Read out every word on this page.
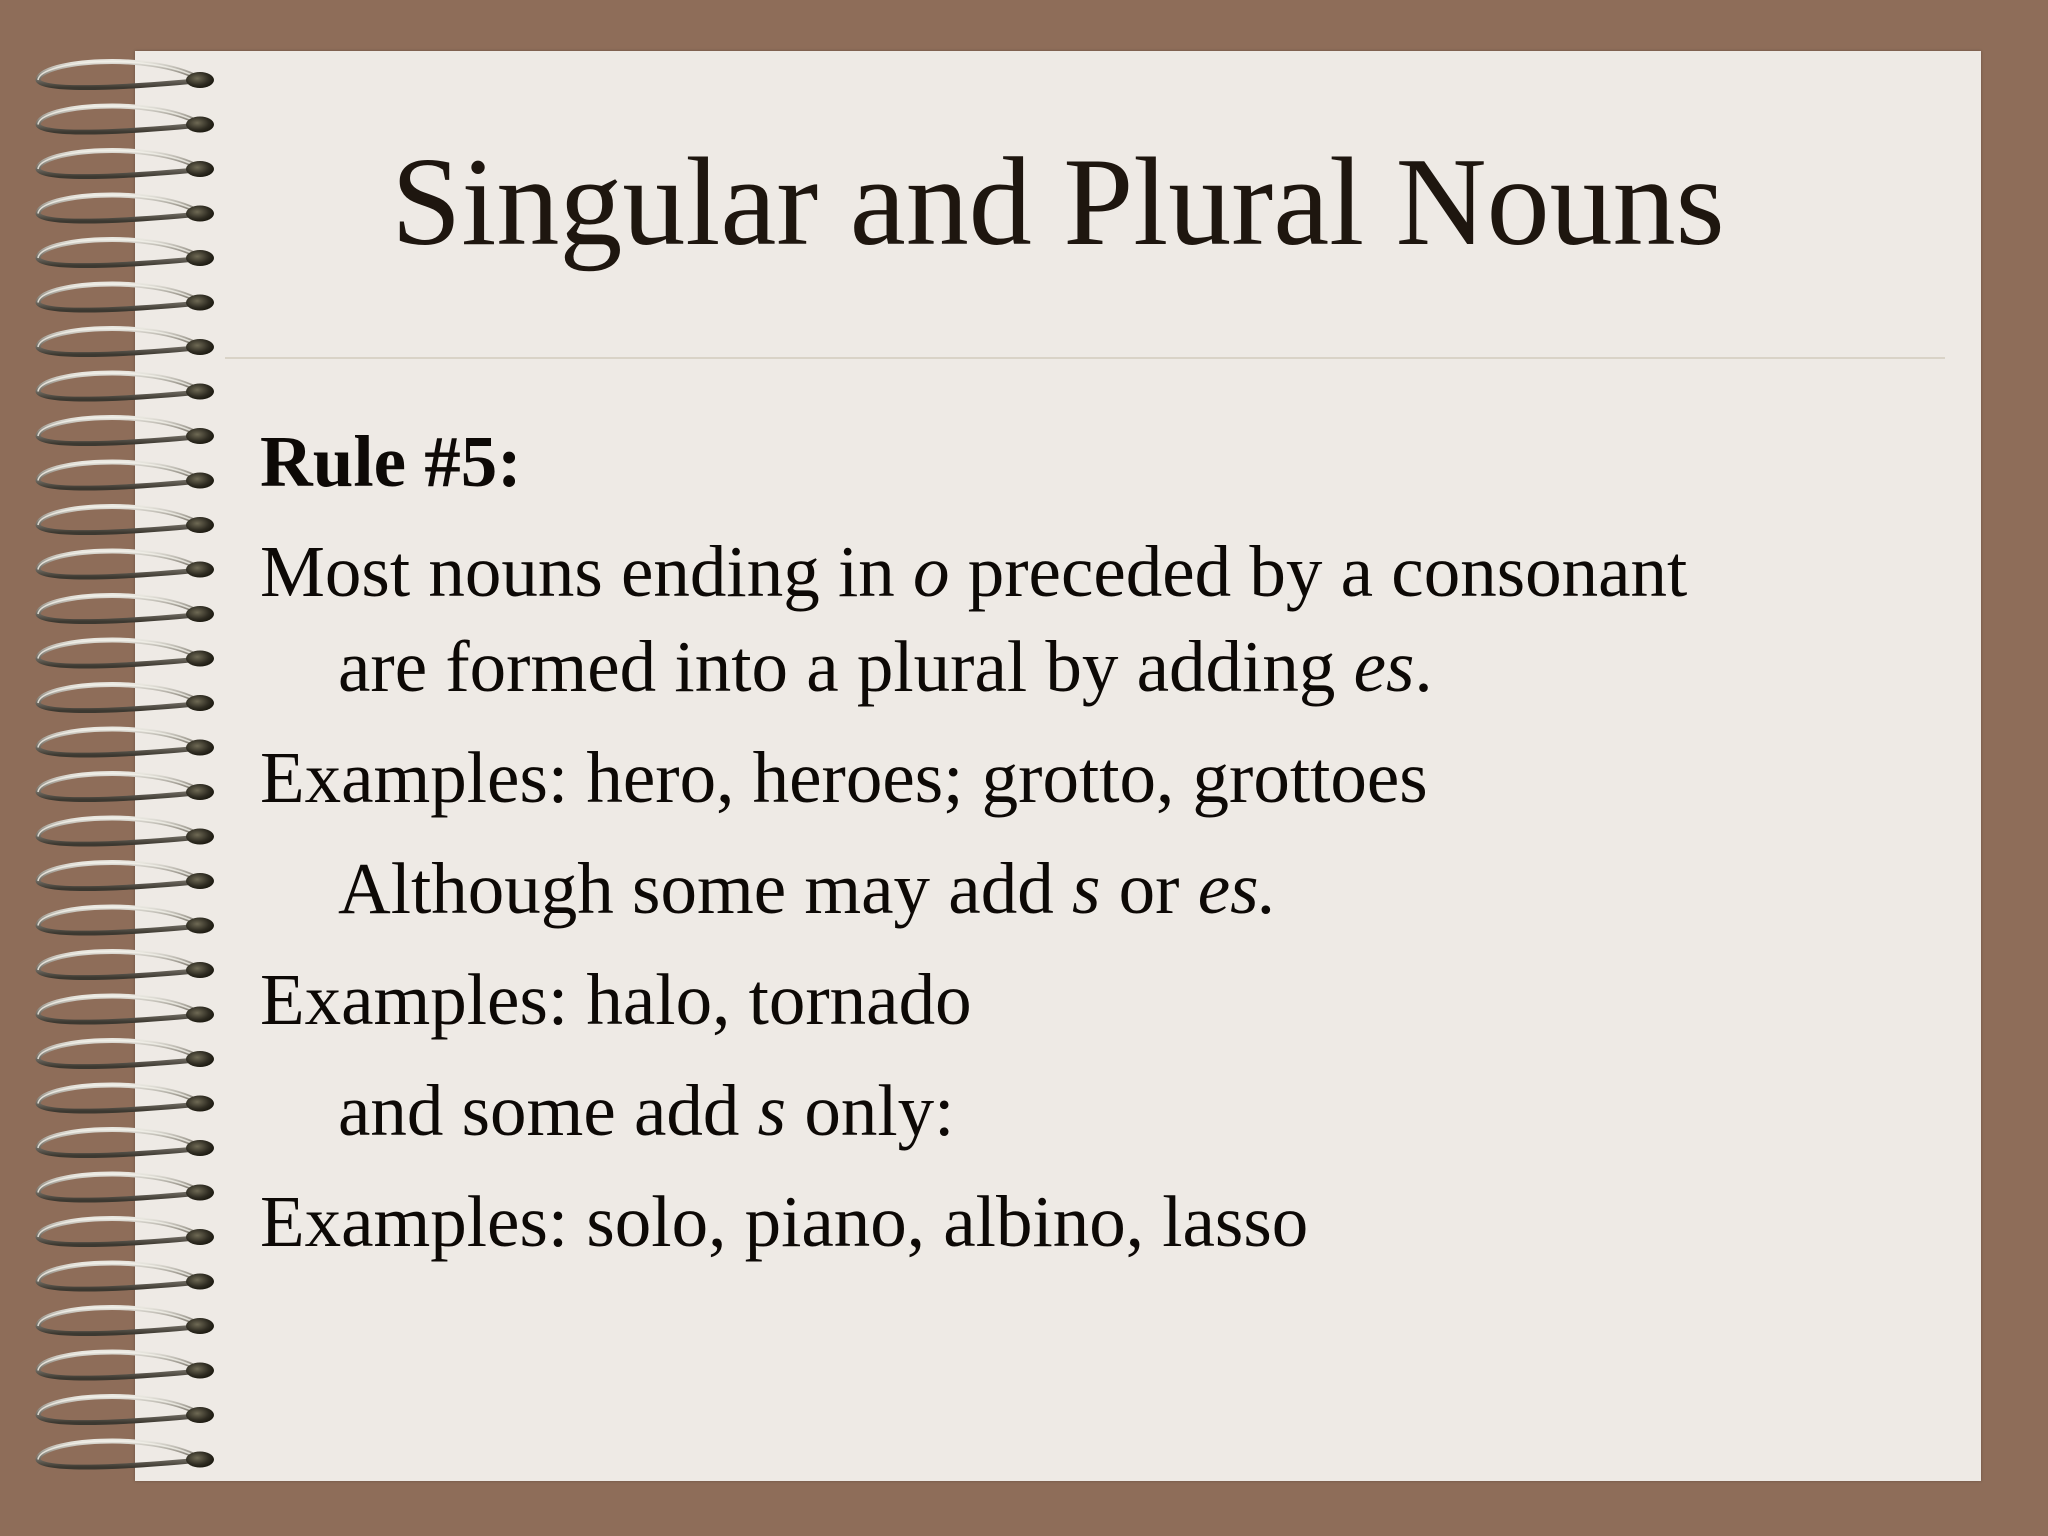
Singular and Plural Nouns
Rule #5:
Most nouns ending in o preceded by a consonant
are formed into a plural by adding es.
Examples: hero, heroes; grotto, grottoes
Although some may add s or es.
Examples: halo, tornado
and some add s only:
Examples: solo, piano, albino, lasso
